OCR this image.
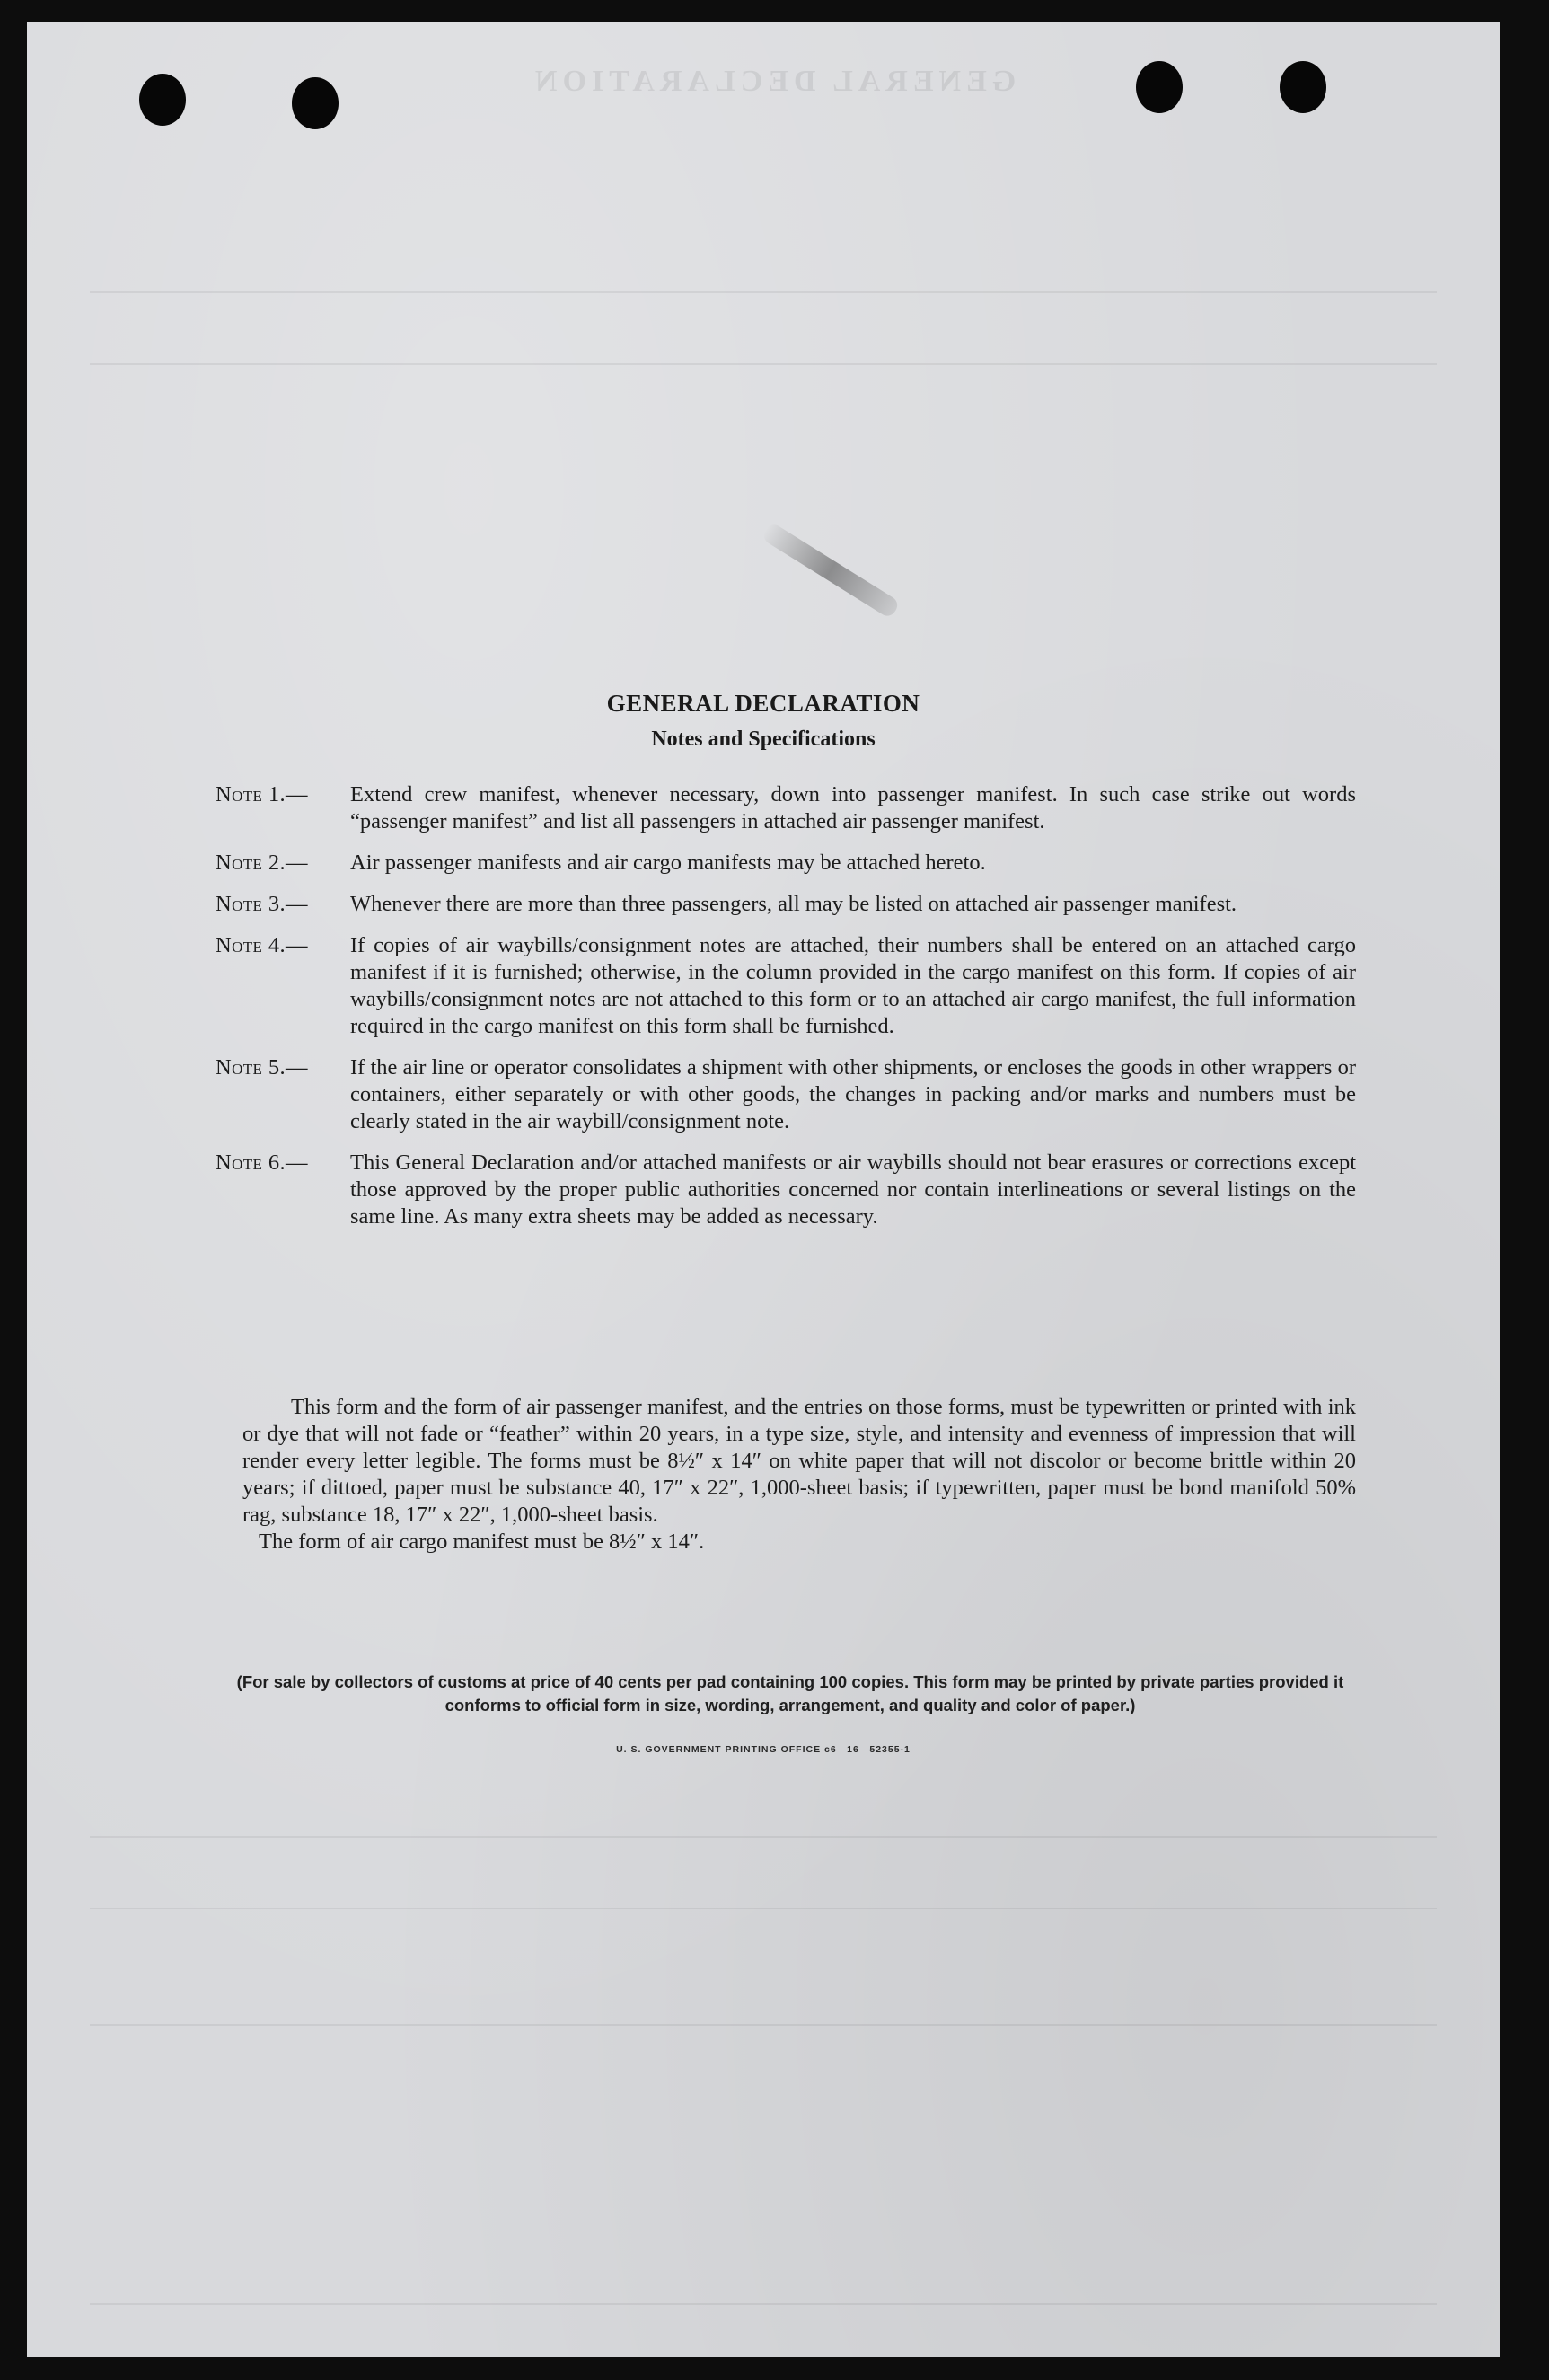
GENERAL DECLARATION
GENERAL DECLARATION
Notes and Specifications
Note 1.—	Extend crew manifest, whenever necessary, down into passenger manifest. In such case strike out words “passenger manifest” and list all passengers in attached air passenger manifest.
Note 2.—	Air passenger manifests and air cargo manifests may be attached hereto.
Note 3.—	Whenever there are more than three passengers, all may be listed on attached air passenger manifest.
Note 4.—	If copies of air waybills/consignment notes are attached, their numbers shall be entered on an attached cargo manifest if it is furnished; otherwise, in the column provided in the cargo manifest on this form. If copies of air waybills/consignment notes are not attached to this form or to an attached air cargo manifest, the full information required in the cargo manifest on this form shall be furnished.
Note 5.—	If the air line or operator consolidates a shipment with other shipments, or encloses the goods in other wrappers or containers, either separately or with other goods, the changes in packing and/or marks and numbers must be clearly stated in the air waybill/consignment note.
Note 6.—	This General Declaration and/or attached manifests or air waybills should not bear erasures or corrections except those approved by the proper public authorities concerned nor contain interlineations or several listings on the same line. As many extra sheets may be added as necessary.

This form and the form of air passenger manifest, and the entries on those forms, must be typewritten or printed with ink or dye that will not fade or “feather” within 20 years, in a type size, style, and intensity and evenness of impression that will render every letter legible. The forms must be 8½″ x 14″ on white paper that will not discolor or become brittle within 20 years; if dittoed, paper must be substance 40, 17″ x 22″, 1,000-sheet basis; if typewritten, paper must be bond manifold 50% rag, substance 18, 17″ x 22″, 1,000-sheet basis.

The form of air cargo manifest must be 8½″ x 14″.

(For sale by collectors of customs at price of 40 cents per pad containing 100 copies. This form may be printed by private parties provided it conforms to official form in size, wording, arrangement, and quality and color of paper.)
U. S. GOVERNMENT PRINTING OFFICE c6—16—52355-1
